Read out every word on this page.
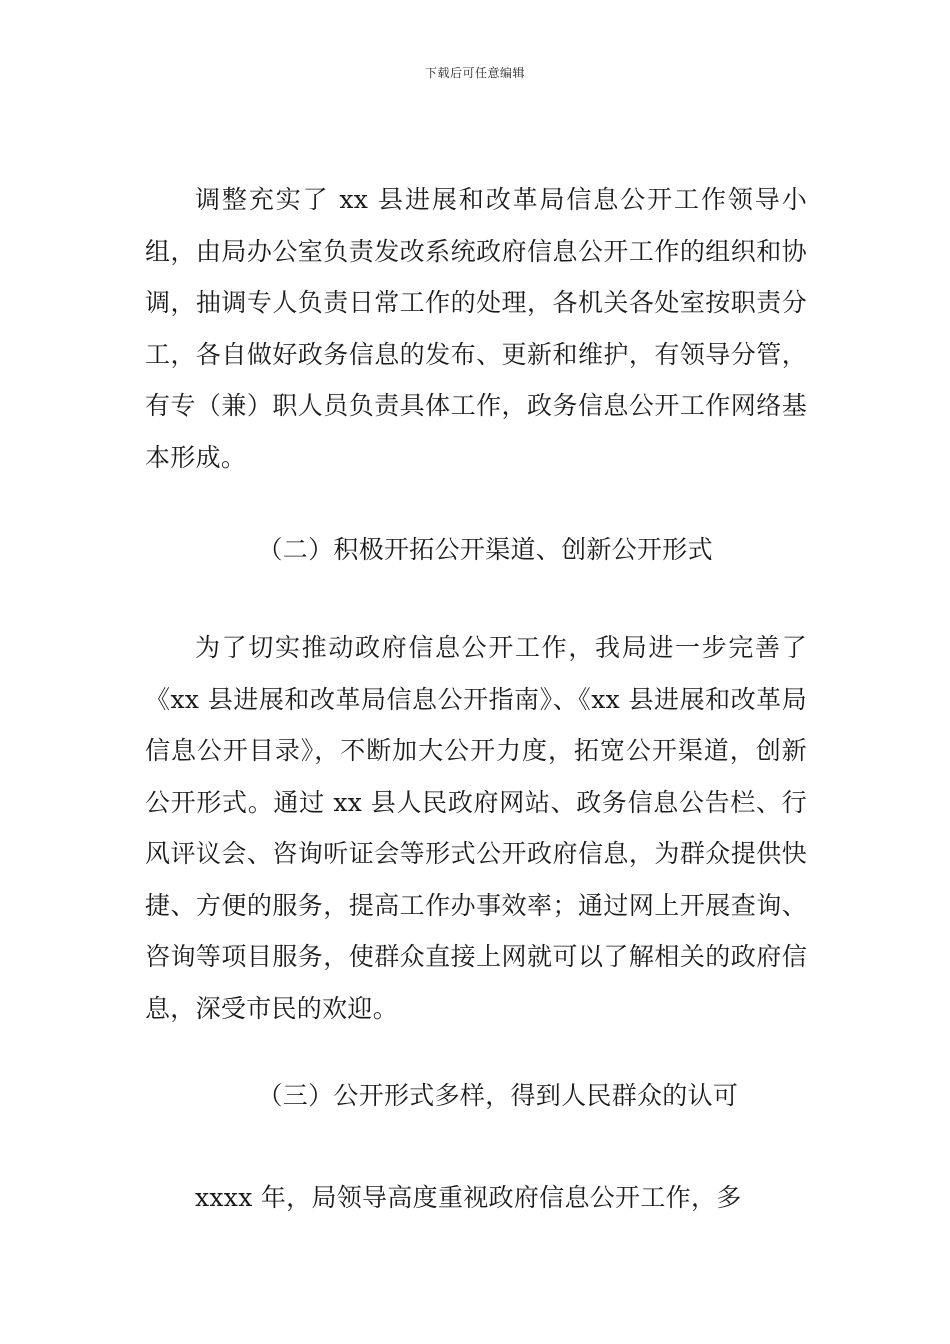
下载后可任意编辑

调整充实了 xx 县进展和改革局信息公开工作领导小组，由局办公室负责发改系统政府信息公开工作的组织和协调，抽调专人负责日常工作的处理，各机关各处室按职责分工，各自做好政务信息的发布、更新和维护，有领导分管，有专（兼）职人员负责具体工作，政务信息公开工作网络基本形成。

（二）积极开拓公开渠道、创新公开形式

为了切实推动政府信息公开工作，我局进一步完善了《xx 县进展和改革局信息公开指南》、《xx 县进展和改革局信息公开目录》，不断加大公开力度，拓宽公开渠道，创新公开形式。通过 xx 县人民政府网站、政务信息公告栏、行风评议会、咨询听证会等形式公开政府信息，为群众提供快捷、方便的服务，提高工作办事效率；通过网上开展查询、咨询等项目服务，使群众直接上网就可以了解相关的政府信息，深受市民的欢迎。

（三）公开形式多样，得到人民群众的认可

xxxx 年，局领导高度重视政府信息公开工作，多
